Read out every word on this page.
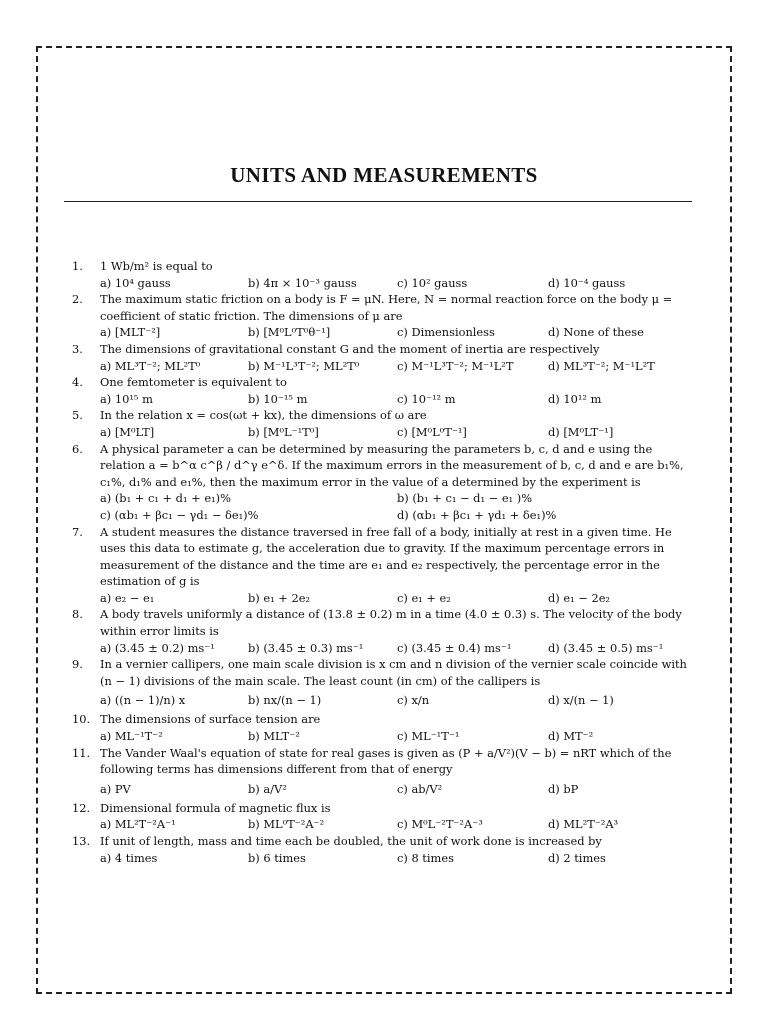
UNITS AND MEASUREMENTS
1.	1 Wb/m² is equal to
a) 10⁴ gauss	b) 4π × 10⁻³ gauss	c) 10² gauss	d) 10⁻⁴ gauss
2.	The maximum static friction on a body is F = μN. Here, N = normal reaction force on the body μ = coefficient of static friction. The dimensions of μ are
a) [MLT⁻²]	b) [M⁰L⁰T⁰θ⁻¹]	c) Dimensionless	d) None of these
3.	The dimensions of gravitational constant G and the moment of inertia are respectively
a) ML³T⁻²; ML²T⁰	b) M⁻¹L³T⁻²; ML²T⁰	c) M⁻¹L³T⁻²; M⁻¹L²T	d) ML³T⁻²; M⁻¹L²T
4.	One femtometer is equivalent to
a) 10¹⁵ m	b) 10⁻¹⁵ m	c) 10⁻¹² m	d) 10¹² m
5.	In the relation x = cos(ωt + kx), the dimensions of ω are
a) [M⁰LT]	b) [M⁰L⁻¹T⁰]	c) [M⁰L⁰T⁻¹]	d) [M⁰LT⁻¹]
6.	A physical parameter a can be determined by measuring the parameters b, c, d and e using the relation a = b^α c^β / d^γ e^δ. If the maximum errors in the measurement of b, c, d and e are b₁%, c₁%, d₁% and e₁%, then the maximum error in the value of a determined by the experiment is
a) (b₁ + c₁ + d₁ + e₁)%	b) (b₁ + c₁ − d₁ − e₁ )%
c) (αb₁ + βc₁ − γd₁ − δe₁)%	d) (αb₁ + βc₁ + γd₁ + δe₁)%
7.	A student measures the distance traversed in free fall of a body, initially at rest in a given time. He uses this data to estimate g, the acceleration due to gravity. If the maximum percentage errors in measurement of the distance and the time are e₁ and e₂ respectively, the percentage error in the estimation of g is
a) e₂ − e₁	b) e₁ + 2e₂	c) e₁ + e₂	d) e₁ − 2e₂
8.	A body travels uniformly a distance of (13.8 ± 0.2) m in a time (4.0 ± 0.3) s. The velocity of the body within error limits is
a) (3.45 ± 0.2) ms⁻¹	b) (3.45 ± 0.3) ms⁻¹	c) (3.45 ± 0.4) ms⁻¹	d) (3.45 ± 0.5) ms⁻¹
9.	In a vernier callipers, one main scale division is x cm and n division of the vernier scale coincide with (n − 1) divisions of the main scale. The least count (in cm) of the callipers is
a) ((n − 1)/n) x	b) nx/(n − 1)	c) x/n	d) x/(n − 1)
10. The dimensions of surface tension are
a) ML⁻¹T⁻²	b) MLT⁻²	c) ML⁻¹T⁻¹	d) MT⁻²
11. The Vander Waal's equation of state for real gases is given as (P + a/V²)(V − b) = nRT which of the following terms has dimensions different from that of energy
a) PV	b) a/V²	c) ab/V²	d) bP
12. Dimensional formula of magnetic flux is
a) ML²T⁻²A⁻¹	b) ML⁰T⁻²A⁻²	c) M⁰L⁻²T⁻²A⁻³	d) ML²T⁻²A³
13. If unit of length, mass and time each be doubled, the unit of work done is increased by
a) 4 times	b) 6 times	c) 8 times	d) 2 times
